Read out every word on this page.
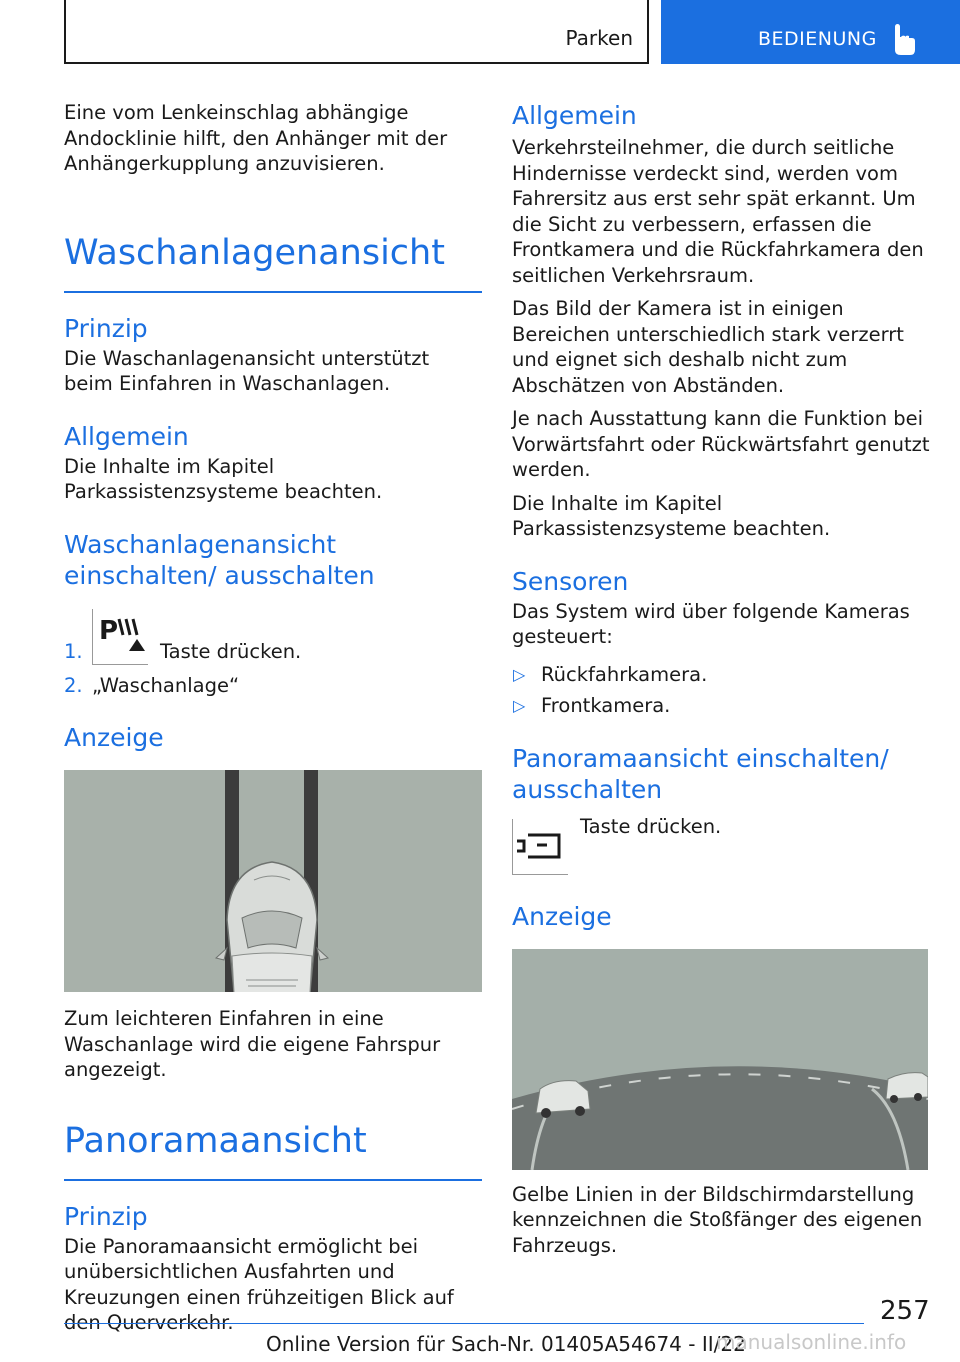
Parken	BEDIENUNG

Eine vom Lenkeinschlag abhängige Andocklinie hilft, den Anhänger mit der Anhängerkupplung anzuvisieren.

Waschanlagenansicht
Prinzip

Die Waschanlagenansicht unterstützt beim Einfahren in Waschanlagen.

Allgemein

Die Inhalte im Kapitel Parkassistenzsysteme beachten.

Waschanlagenansicht einschalten/ ausschalten
1.
P
Taste drücken.
2. „Waschanlage“
Anzeige

Zum leichteren Einfahren in eine Waschanlage wird die eigene Fahrspur angezeigt.

Panoramaansicht
Prinzip

Die Panoramaansicht ermöglicht bei unübersichtlichen Ausfahrten und Kreuzungen einen frühzeitigen Blick auf den Querverkehr.

Allgemein

Verkehrsteilnehmer, die durch seitliche Hindernisse verdeckt sind, werden vom Fahrersitz aus erst sehr spät erkannt. Um die Sicht zu verbessern, erfassen die Frontkamera und die Rückfahrkamera den seitlichen Verkehrsraum.

Das Bild der Kamera ist in einigen Bereichen unterschiedlich stark verzerrt und eignet sich deshalb nicht zum Abschätzen von Abständen.

Je nach Ausstattung kann die Funktion bei Vorwärtsfahrt oder Rückwärtsfahrt genutzt werden.

Die Inhalte im Kapitel Parkassistenzsysteme beachten.

Sensoren

Das System wird über folgende Kameras gesteuert:

▷ Rückfahrkamera.
▷ Frontkamera.
Panoramaansicht einschalten/ ausschalten
Taste drücken.
Anzeige

Gelbe Linien in der Bildschirmdarstellung kennzeichnen die Stoßfänger des eigenen Fahrzeugs.

257
Online Version für Sach-Nr. 01405A54674 - II/22
manualsonline.info
